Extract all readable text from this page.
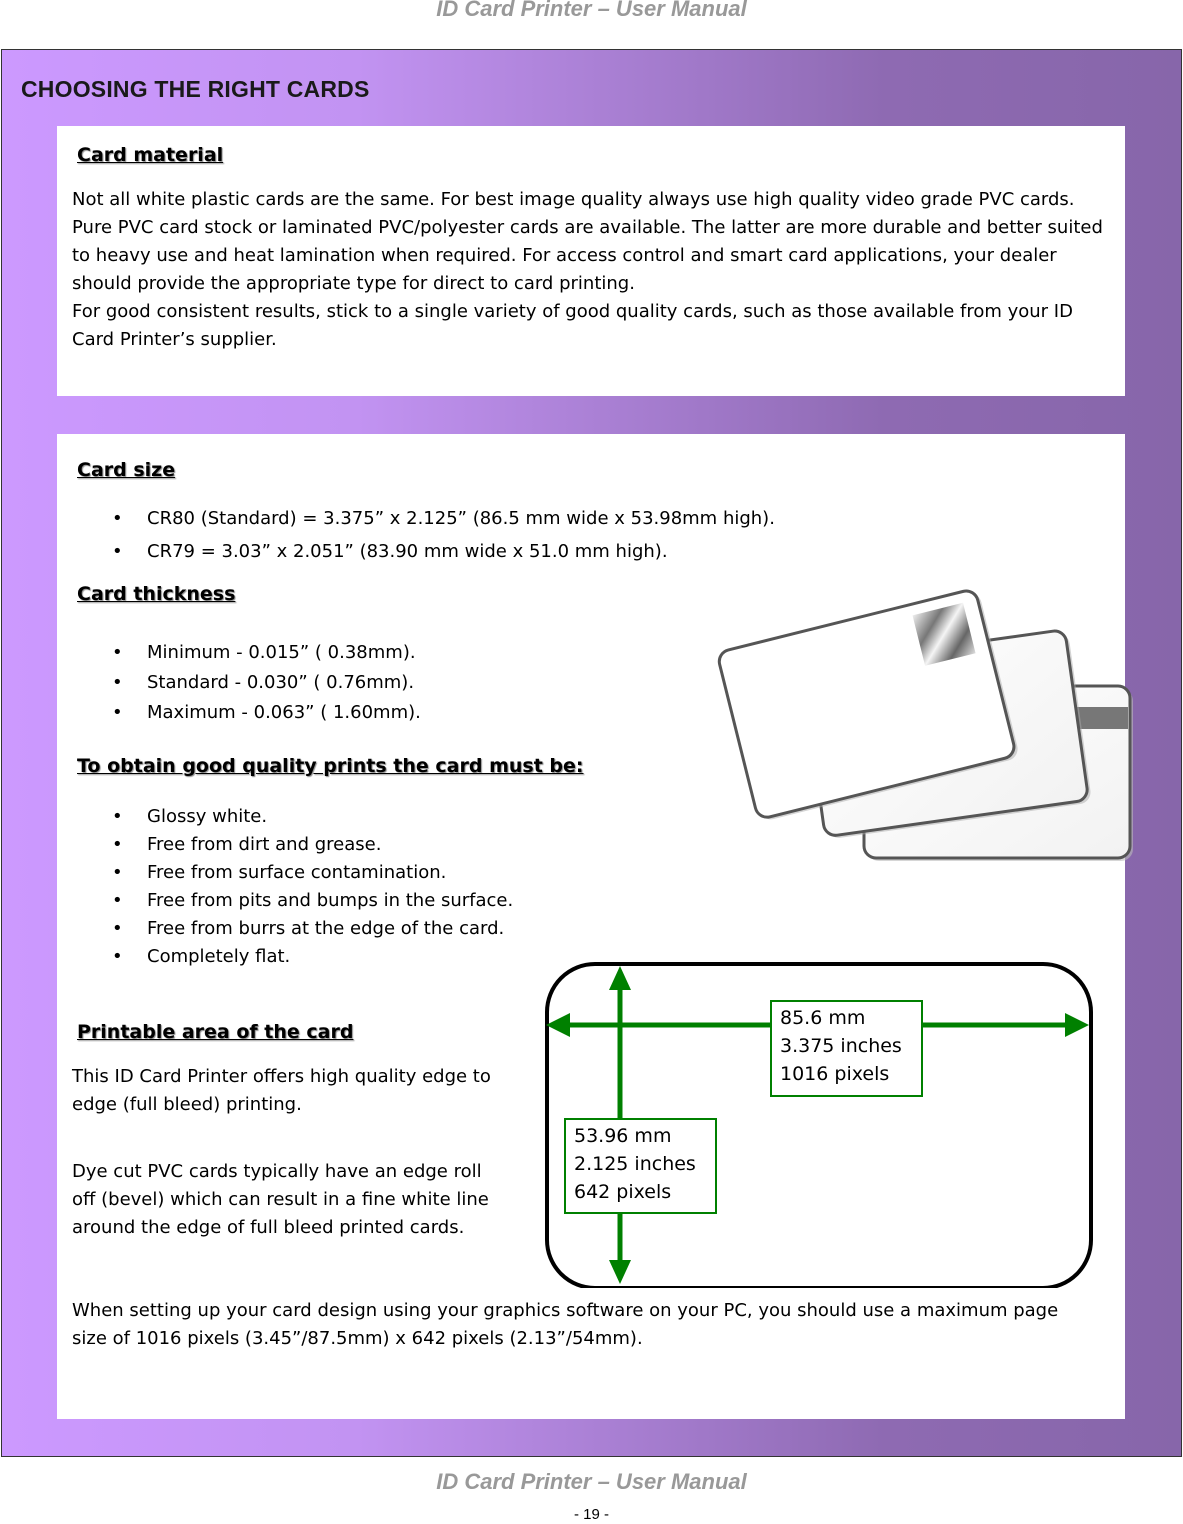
ID Card Printer – User Manual
CHOOSING THE RIGHT CARDS
Card material

Not all white plastic cards are the same. For best image quality always use high quality video grade PVC cards.

Pure PVC card stock or laminated PVC/polyester cards are available. The latter are more durable and better suited to heavy use and heat lamination when required. For access control and smart card applications, your dealer should provide the appropriate type for direct to card printing.

For good consistent results, stick to a single variety of good quality cards, such as those available from your ID Card Printer’s supplier.

Card size
• CR80 (Standard) = 3.375” x 2.125” (86.5 mm wide x 53.98mm high).
• CR79 = 3.03” x 2.051” (83.90 mm wide x 51.0 mm high).
Card thickness
• Minimum - 0.015” ( 0.38mm).
• Standard - 0.030” ( 0.76mm).
• Maximum - 0.063” ( 1.60mm).
To obtain good quality prints the card must be:
• Glossy white.
• Free from dirt and grease.
• Free from surface contamination.
• Free from pits and bumps in the surface.
• Free from burrs at the edge of the card.
• Completely flat.
Printable area of the card
This ID Card Printer offers high quality edge to edge (full bleed) printing.
Dye cut PVC cards typically have an edge roll off (bevel) which can result in a fine white line around the edge of full bleed printed cards.
When setting up your card design using your graphics software on your PC, you should use a maximum page size of 1016 pixels (3.45”/87.5mm) x 642 pixels (2.13”/54mm).
85.6 mm
3.375 inches
1016 pixels
53.96 mm
2.125 inches
642 pixels
ID Card Printer – User Manual
- 19 -
